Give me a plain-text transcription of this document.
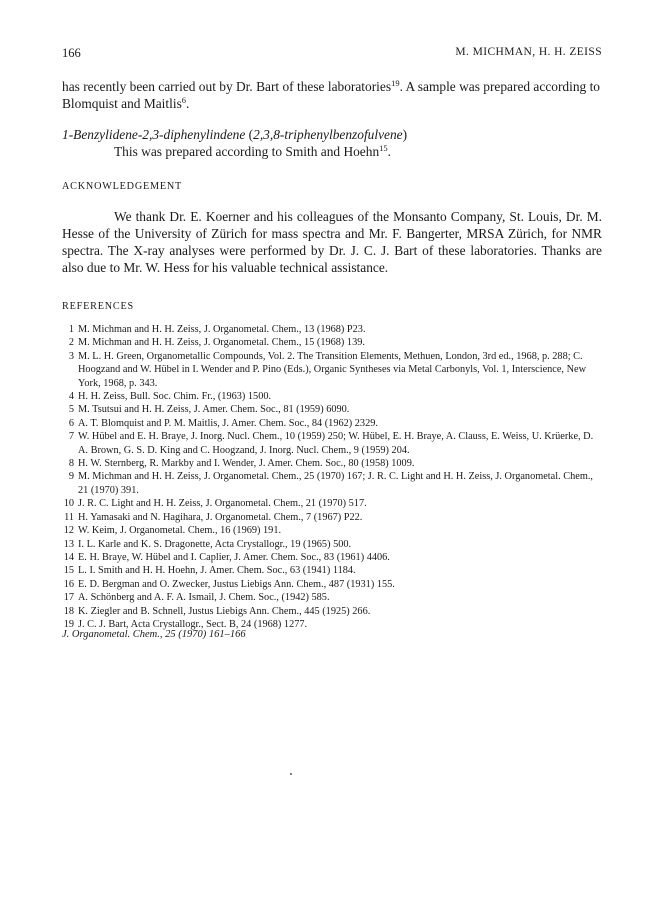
166	M. MICHMAN, H. H. ZEISS

has recently been carried out by Dr. Bart of these laboratories$^{19}$. A sample was prepared according to Blomquist and Maitlis$^6$.

1-Benzylidene-2,3-diphenylindene (2,3,8-triphenylbenzofulvene)
This was prepared according to Smith and Hoehn$^{15}$.
ACKNOWLEDGEMENT

We thank Dr. E. Koerner and his colleagues of the Monsanto Company, St. Louis, Dr. M. Hesse of the University of Zürich for mass spectra and Mr. F. Bangerter, MRSA Zürich, for NMR spectra. The X-ray analyses were performed by Dr. J. C. J. Bart of these laboratories. Thanks are also due to Mr. W. Hess for his valuable technical assistance.

REFERENCES
1 M. Michman and H. H. Zeiss, J. Organometal. Chem., 13 (1968) P23.
2 M. Michman and H. H. Zeiss, J. Organometal. Chem., 15 (1968) 139.
3 M. L. H. Green, Organometallic Compounds, Vol. 2. The Transition Elements, Methuen, London, 3rd ed., 1968, p. 288; C. Hoogzand and W. Hübel in I. Wender and P. Pino (Eds.), Organic Syntheses via Metal Carbonyls, Vol. 1, Interscience, New York, 1968, p. 343.
4 H. H. Zeiss, Bull. Soc. Chim. Fr., (1963) 1500.
5 M. Tsutsui and H. H. Zeiss, J. Amer. Chem. Soc., 81 (1959) 6090.
6 A. T. Blomquist and P. M. Maitlis, J. Amer. Chem. Soc., 84 (1962) 2329.
7 W. Hübel and E. H. Braye, J. Inorg. Nucl. Chem., 10 (1959) 250; W. Hübel, E. H. Braye, A. Clauss, E. Weiss, U. Krüerke, D. A. Brown, G. S. D. King and C. Hoogzand, J. Inorg. Nucl. Chem., 9 (1959) 204.
8 H. W. Sternberg, R. Markby and I. Wender, J. Amer. Chem. Soc., 80 (1958) 1009.
9 M. Michman and H. H. Zeiss, J. Organometal. Chem., 25 (1970) 167; J. R. C. Light and H. H. Zeiss, J. Organometal. Chem., 21 (1970) 391.
10 J. R. C. Light and H. H. Zeiss, J. Organometal. Chem., 21 (1970) 517.
11 H. Yamasaki and N. Hagihara, J. Organometal. Chem., 7 (1967) P22.
12 W. Keim, J. Organometal. Chem., 16 (1969) 191.
13 I. L. Karle and K. S. Dragonette, Acta Crystallogr., 19 (1965) 500.
14 E. H. Braye, W. Hübel and I. Caplier, J. Amer. Chem. Soc., 83 (1961) 4406.
15 L. I. Smith and H. H. Hoehn, J. Amer. Chem. Soc., 63 (1941) 1184.
16 E. D. Bergman and O. Zwecker, Justus Liebigs Ann. Chem., 487 (1931) 155.
17 A. Schönberg and A. F. A. Ismail, J. Chem. Soc., (1942) 585.
18 K. Ziegler and B. Schnell, Justus Liebigs Ann. Chem., 445 (1925) 266.
19 J. C. J. Bart, Acta Crystallogr., Sect. B, 24 (1968) 1277.
J. Organometal. Chem., 25 (1970) 161–166
